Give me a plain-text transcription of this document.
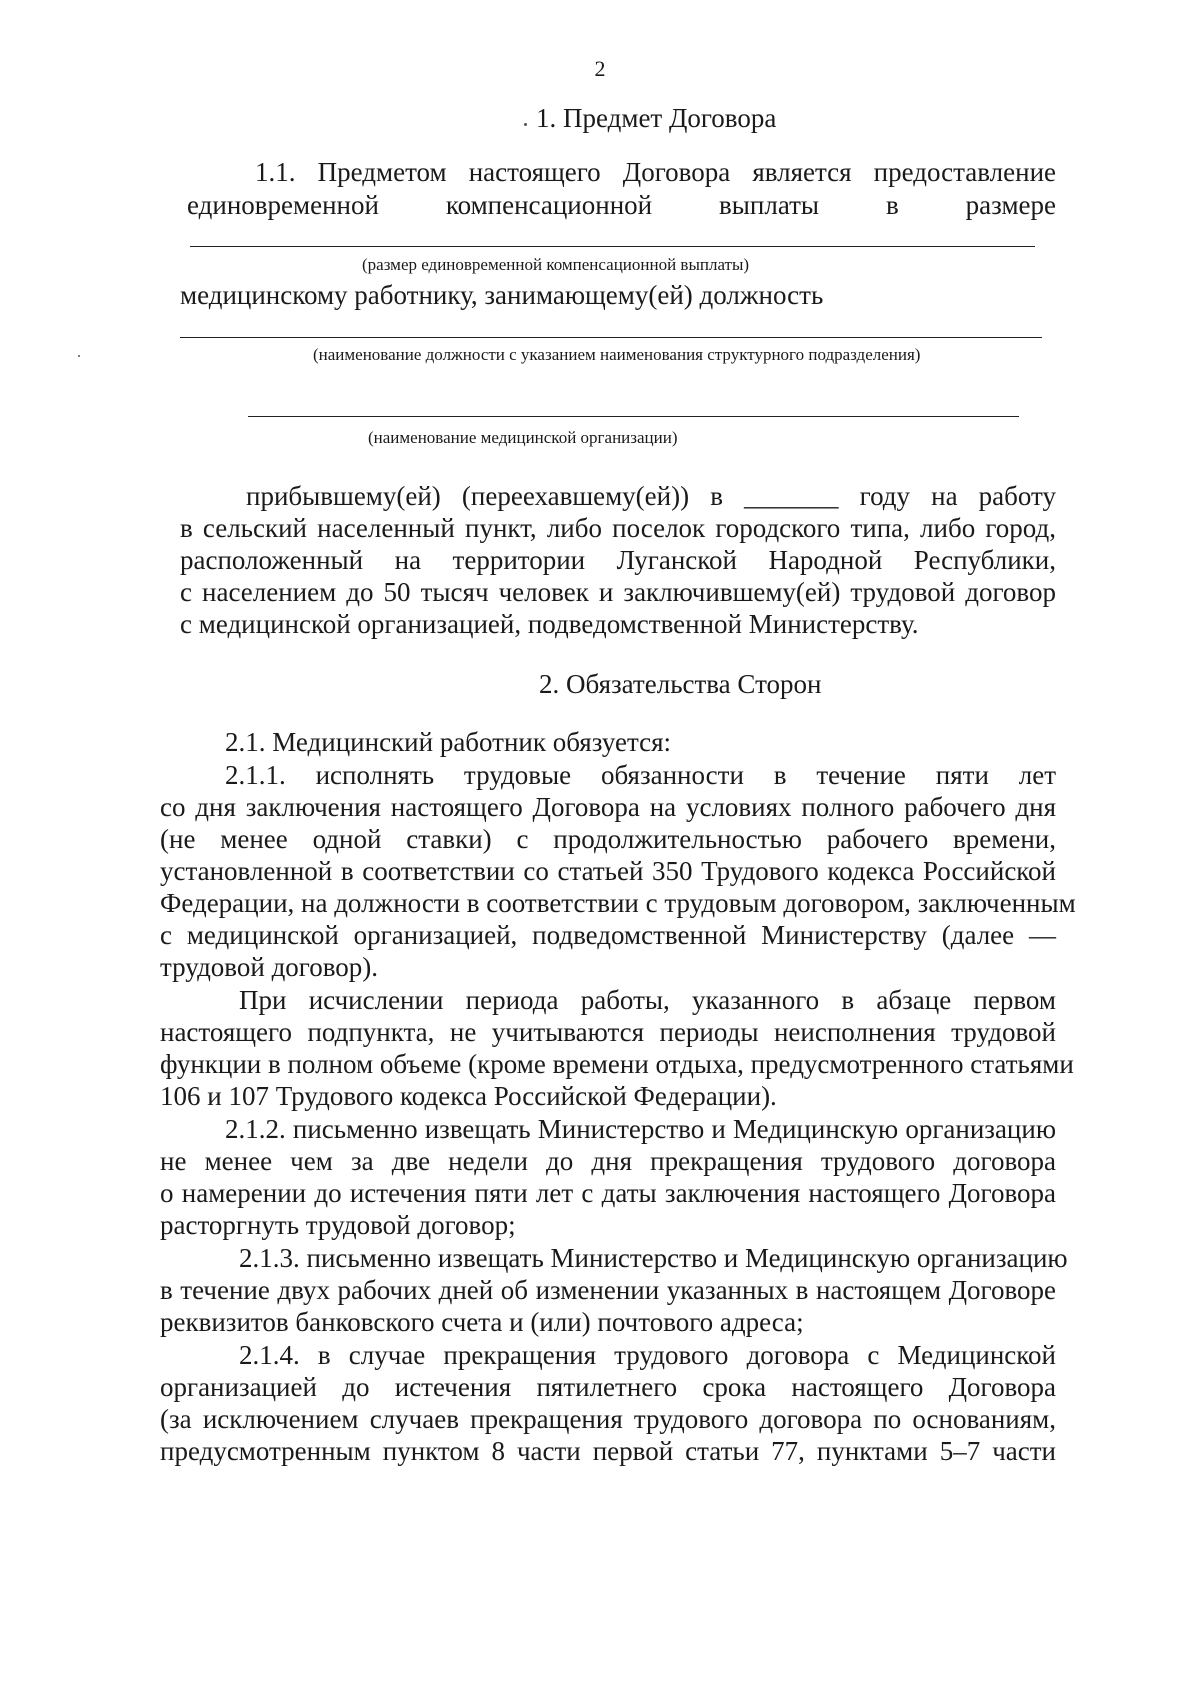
2
1. Предмет Договора
1.1. Предметом настоящего Договора является предоставление
единовременной компенсационной выплаты в размере
(размер единовременной компенсационной выплаты)
медицинскому работнику, занимающему(ей) должность
(наименование должности с указанием наименования структурного подразделения)
(наименование медицинской организации)
прибывшему(ей) (переехавшему(ей)) в _______ году на работу
в сельский населенный пункт, либо поселок городского типа, либо город,
расположенный на территории Луганской Народной Республики,
с населением до 50 тысяч человек и заключившему(ей) трудовой договор
с медицинской организацией, подведомственной Министерству.
2. Обязательства Сторон
2.1. Медицинский работник обязуется:
2.1.1. исполнять трудовые обязанности в течение пяти лет
со дня заключения настоящего Договора на условиях полного рабочего дня
(не менее одной ставки) с продолжительностью рабочего времени,
установленной в соответствии со статьей 350 Трудового кодекса Российской
Федерации, на должности в соответствии с трудовым договором, заключенным
с медицинской организацией, подведомственной Министерству (далее —
трудовой договор).
При исчислении периода работы, указанного в абзаце первом
настоящего подпункта, не учитываются периоды неисполнения трудовой
функции в полном объеме (кроме времени отдыха, предусмотренного статьями
106 и 107 Трудового кодекса Российской Федерации).
2.1.2. письменно извещать Министерство и Медицинскую организацию
не менее чем за две недели до дня прекращения трудового договора
о намерении до истечения пяти лет с даты заключения настоящего Договора
расторгнуть трудовой договор;
2.1.3. письменно извещать Министерство и Медицинскую организацию
в течение двух рабочих дней об изменении указанных в настоящем Договоре
реквизитов банковского счета и (или) почтового адреса;
2.1.4. в случае прекращения трудового договора с Медицинской
организацией до истечения пятилетнего срока настоящего Договора
(за исключением случаев прекращения трудового договора по основаниям,
предусмотренным пунктом 8 части первой статьи 77, пунктами 5–7 части
